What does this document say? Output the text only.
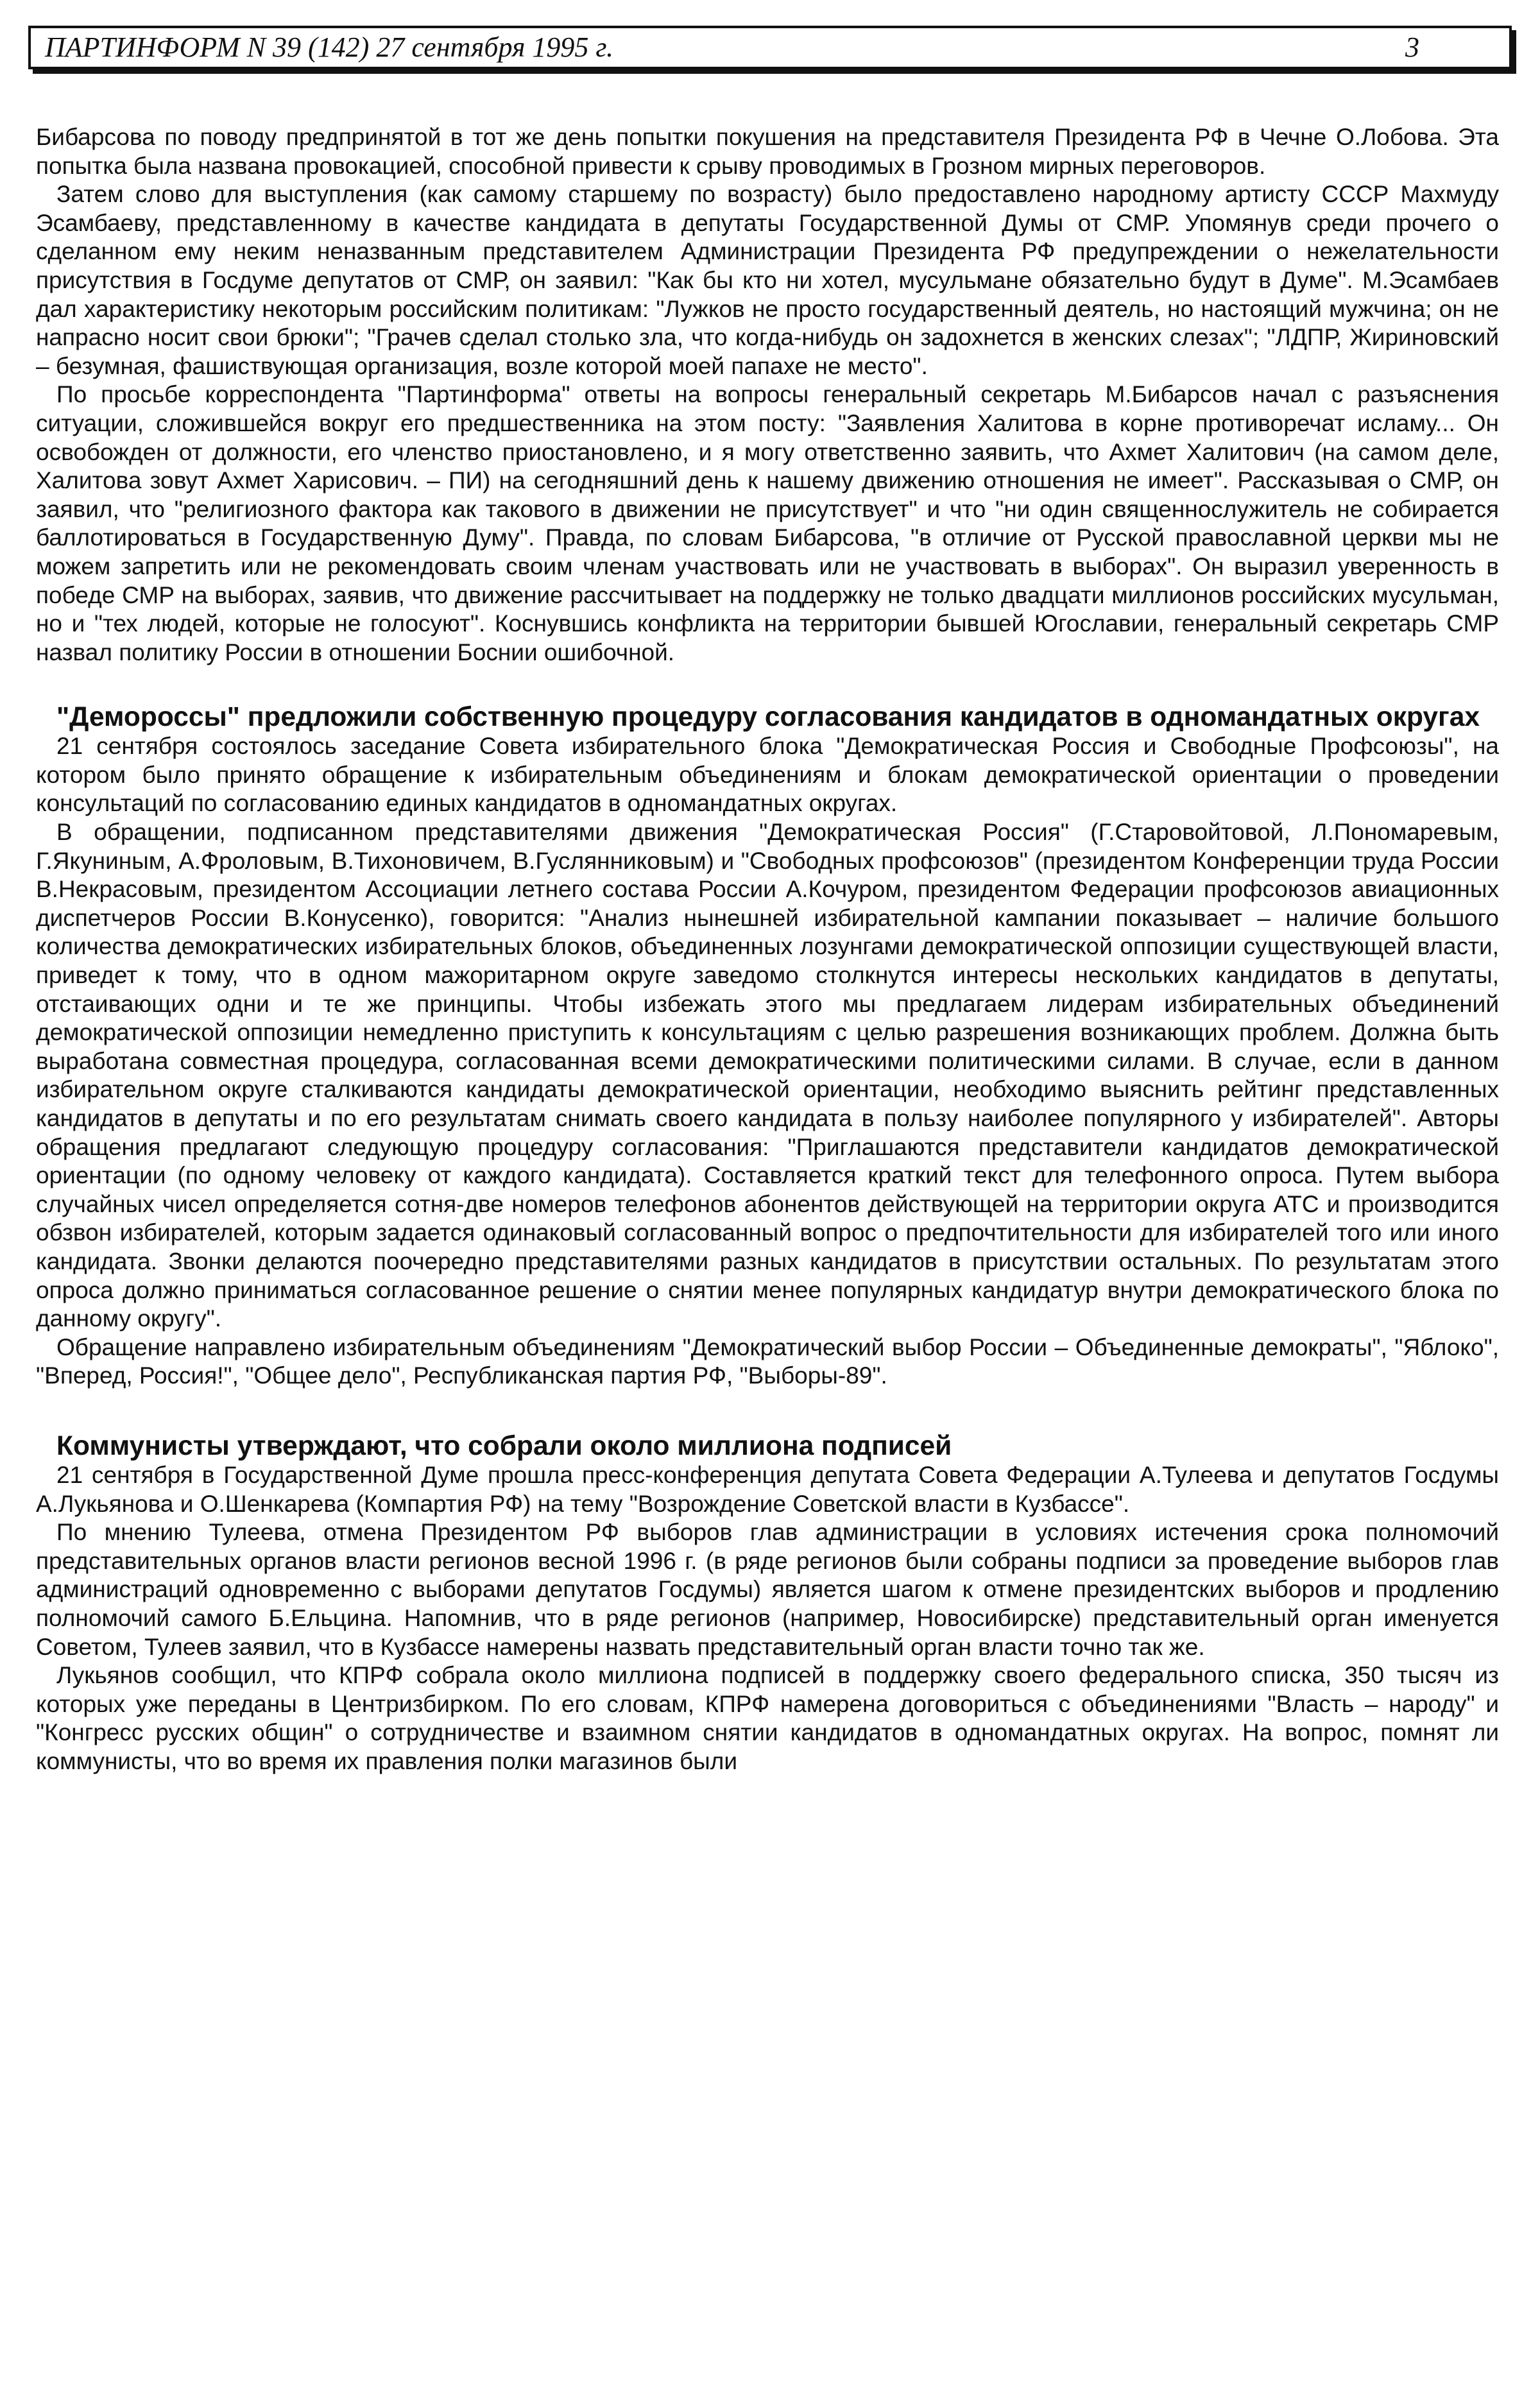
ПАРТИНФОРМ N 39 (142) 27 сентября 1995 г.	3

Бибарсова по поводу предпринятой в тот же день попытки покушения на представителя Президента РФ в Чечне О.Лобова. Эта попытка была названа провокацией, способной привести к срыву проводимых в Грозном мирных переговоров.

Затем слово для выступления (как самому старшему по возрасту) было предоставлено народному артисту СССР Махмуду Эсамбаеву, представленному в качестве кандидата в депутаты Государственной Думы от СМР. Упомянув среди прочего о сделанном ему неким неназванным представителем Администрации Президента РФ предупреждении о нежелательности присутствия в Госдуме депутатов от СМР, он заявил: "Как бы кто ни хотел, мусульмане обязательно будут в Думе". М.Эсамбаев дал характеристику некоторым российским политикам: "Лужков не просто государственный деятель, но настоящий мужчина; он не напрасно носит свои брюки"; "Грачев сделал столько зла, что когда-нибудь он задохнется в женских слезах"; "ЛДПР, Жириновский – безумная, фашиствующая организация, возле которой моей папахе не место".

По просьбе корреспондента "Партинформа" ответы на вопросы генеральный секретарь М.Бибарсов начал с разъяснения ситуации, сложившейся вокруг его предшественника на этом посту: "Заявления Халитова в корне противоречат исламу... Он освобожден от должности, его членство приостановлено, и я могу ответственно заявить, что Ахмет Халитович (на самом деле, Халитова зовут Ахмет Харисович. – ПИ) на сегодняшний день к нашему движению отношения не имеет". Рассказывая о СМР, он заявил, что "религиозного фактора как такового в движении не присутствует" и что "ни один священнослужитель не собирается баллотироваться в Государственную Думу". Правда, по словам Бибарсова, "в отличие от Русской православной церкви мы не можем запретить или не рекомендовать своим членам участвовать или не участвовать в выборах". Он выразил уверенность в победе СМР на выборах, заявив, что движение рассчитывает на поддержку не только двадцати миллионов российских мусульман, но и "тех людей, которые не голосуют". Коснувшись конфликта на территории бывшей Югославии, генеральный секретарь СМР назвал политику России в отношении Боснии ошибочной.

"Демороссы" предложили собственную процедуру согласования кандидатов в одномандатных округах

21 сентября состоялось заседание Совета избирательного блока "Демократическая Россия и Свободные Профсоюзы", на котором было принято обращение к избирательным объединениям и блокам демократической ориентации о проведении консультаций по согласованию единых кандидатов в одномандатных округах.

В обращении, подписанном представителями движения "Демократическая Россия" (Г.Старовойтовой, Л.Пономаревым, Г.Якуниным, А.Фроловым, В.Тихоновичем, В.Гуслянниковым) и "Свободных профсоюзов" (президентом Конференции труда России В.Некрасовым, президентом Ассоциации летнего состава России А.Кочуром, президентом Федерации профсоюзов авиационных диспетчеров России В.Конусенко), говорится: "Анализ нынешней избирательной кампании показывает – наличие большого количества демократических избирательных блоков, объединенных лозунгами демократической оппозиции существующей власти, приведет к тому, что в одном мажоритарном округе заведомо столкнутся интересы нескольких кандидатов в депутаты, отстаивающих одни и те же принципы. Чтобы избежать этого мы предлагаем лидерам избирательных объединений демократической оппозиции немедленно приступить к консультациям с целью разрешения возникающих проблем. Должна быть выработана совместная процедура, согласованная всеми демократическими политическими силами. В случае, если в данном избирательном округе сталкиваются кандидаты демократической ориентации, необходимо выяснить рейтинг представленных кандидатов в депутаты и по его результатам снимать своего кандидата в пользу наиболее популярного у избирателей". Авторы обращения предлагают следующую процедуру согласования: "Приглашаются представители кандидатов демократической ориентации (по одному человеку от каждого кандидата). Составляется краткий текст для телефонного опроса. Путем выбора случайных чисел определяется сотня-две номеров телефонов абонентов действующей на территории округа АТС и производится обзвон избирателей, которым задается одинаковый согласованный вопрос о предпочтительности для избирателей того или иного кандидата. Звонки делаются поочередно представителями разных кандидатов в присутствии остальных. По результатам этого опроса должно приниматься согласованное решение о снятии менее популярных кандидатур внутри демократического блока по данному округу".

Обращение направлено избирательным объединениям "Демократический выбор России – Объединенные демократы", "Яблоко", "Вперед, Россия!", "Общее дело", Республиканская партия РФ, "Выборы-89".

Коммунисты утверждают, что собрали около миллиона подписей

21 сентября в Государственной Думе прошла пресс-конференция депутата Совета Федерации А.Тулеева и депутатов Госдумы А.Лукьянова и О.Шенкарева (Компартия РФ) на тему "Возрождение Советской власти в Кузбассе".

По мнению Тулеева, отмена Президентом РФ выборов глав администрации в условиях истечения срока полномочий представительных органов власти регионов весной 1996 г. (в ряде регионов были собраны подписи за проведение выборов глав администраций одновременно с выборами депутатов Госдумы) является шагом к отмене президентских выборов и продлению полномочий самого Б.Ельцина. Напомнив, что в ряде регионов (например, Новосибирске) представительный орган именуется Советом, Тулеев заявил, что в Кузбассе намерены назвать представительный орган власти точно так же.

Лукьянов сообщил, что КПРФ собрала около миллиона подписей в поддержку своего федерального списка, 350 тысяч из которых уже переданы в Центризбирком. По его словам, КПРФ намерена договориться с объединениями "Власть – народу" и "Конгресс русских общин" о сотрудничестве и взаимном снятии кандидатов в одномандатных округах. На вопрос, помнят ли коммунисты, что во время их правления полки магазинов были
